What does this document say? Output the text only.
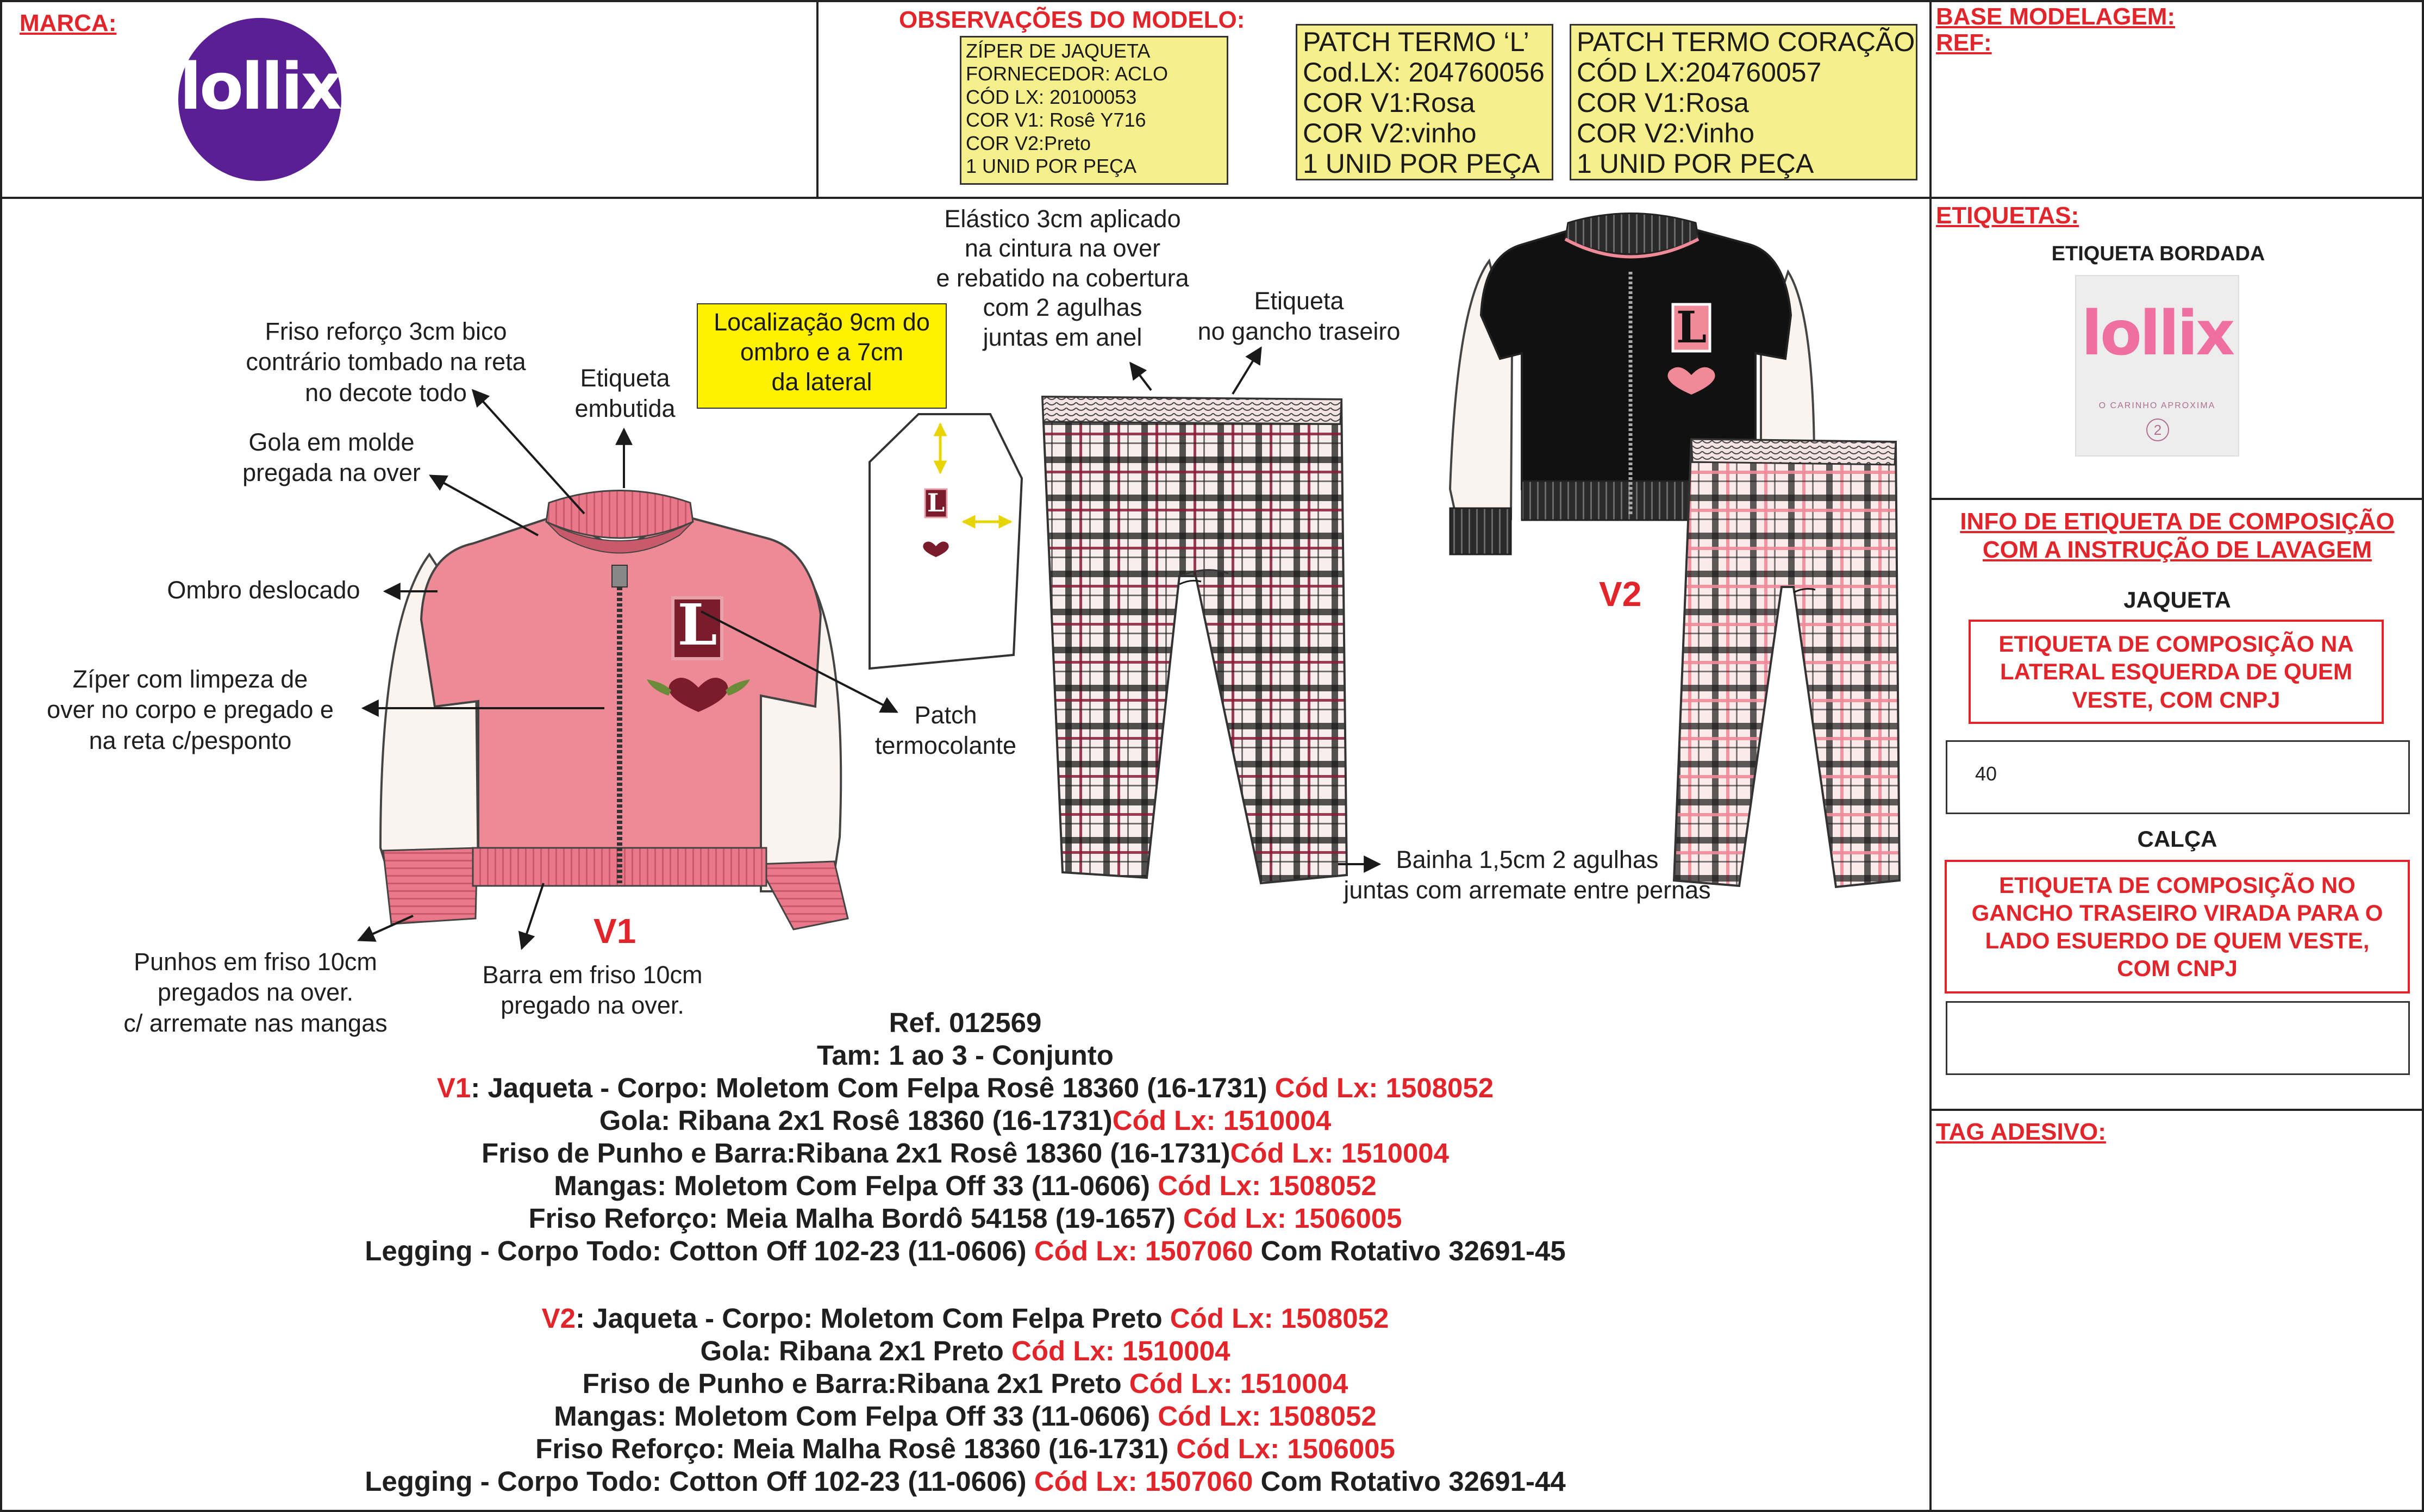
MARCA:
lollix
OBSERVAÇÕES DO MODELO:
ZÍPER DE JAQUETA
FORNECEDOR: ACLO
CÓD LX: 20100053
COR V1: Rosê Y716
COR V2:Preto
1 UNID POR PEÇA
PATCH TERMO ‘L’
Cod.LX: 204760056
COR V1:Rosa
COR V2:vinho
1 UNID POR PEÇA
PATCH TERMO CORAÇÃO
CÓD LX:204760057
COR V1:Rosa
COR V2:Vinho
1 UNID POR PEÇA
BASE MODELAGEM:
REF:
ETIQUETAS:
ETIQUETA BORDADA
lollix
O CARINHO APROXIMA
2
INFO DE ETIQUETA DE COMPOSIÇÃO COM A INSTRUÇÃO DE LAVAGEM
JAQUETA
ETIQUETA DE COMPOSIÇÃO NA LATERAL ESQUERDA DE QUEM VESTE, COM CNPJ
40
CALÇA
ETIQUETA DE COMPOSIÇÃO NO GANCHO TRASEIRO VIRADA PARA O LADO ESUERDO DE QUEM VESTE, COM CNPJ
TAG ADESIVO:
Friso reforço 3cm bico
contrário tombado na reta
no decote todo
Etiqueta
embutida
Gola em molde
pregada na over
Ombro deslocado
Zíper com limpeza de
over no corpo e pregado e
na reta c/pesponto
Patch
termocolante
Punhos em friso 10cm
pregados na over.
c/ arremate nas mangas
Barra em friso 10cm
pregado na over.
Localização 9cm do
ombro e a 7cm
da lateral
Elástico 3cm aplicado
na cintura na over
e rebatido na cobertura
com 2 agulhas
juntas em anel
Etiqueta
no gancho traseiro
Bainha 1,5cm 2 agulhas
juntas com arremate entre pernas
V1
V2
L
L
L
Ref. 012569
Tam: 1 ao 3 - Conjunto
V1: Jaqueta - Corpo: Moletom Com Felpa Rosê 18360 (16-1731) Cód Lx: 1508052
Gola: Ribana 2x1 Rosê 18360 (16-1731)Cód Lx: 1510004
Friso de Punho e Barra:Ribana 2x1 Rosê 18360 (16-1731)Cód Lx: 1510004
Mangas: Moletom Com Felpa Off 33 (11-0606) Cód Lx: 1508052
Friso Reforço: Meia Malha Bordô 54158 (19-1657) Cód Lx: 1506005
Legging - Corpo Todo: Cotton Off 102-23 (11-0606) Cód Lx: 1507060 Com Rotativo 32691-45
V2: Jaqueta - Corpo: Moletom Com Felpa Preto Cód Lx: 1508052
Gola: Ribana 2x1 Preto Cód Lx: 1510004
Friso de Punho e Barra:Ribana 2x1 Preto Cód Lx: 1510004
Mangas: Moletom Com Felpa Off 33 (11-0606) Cód Lx: 1508052
Friso Reforço: Meia Malha Rosê 18360 (16-1731) Cód Lx: 1506005
Legging - Corpo Todo: Cotton Off 102-23 (11-0606) Cód Lx: 1507060 Com Rotativo 32691-44
